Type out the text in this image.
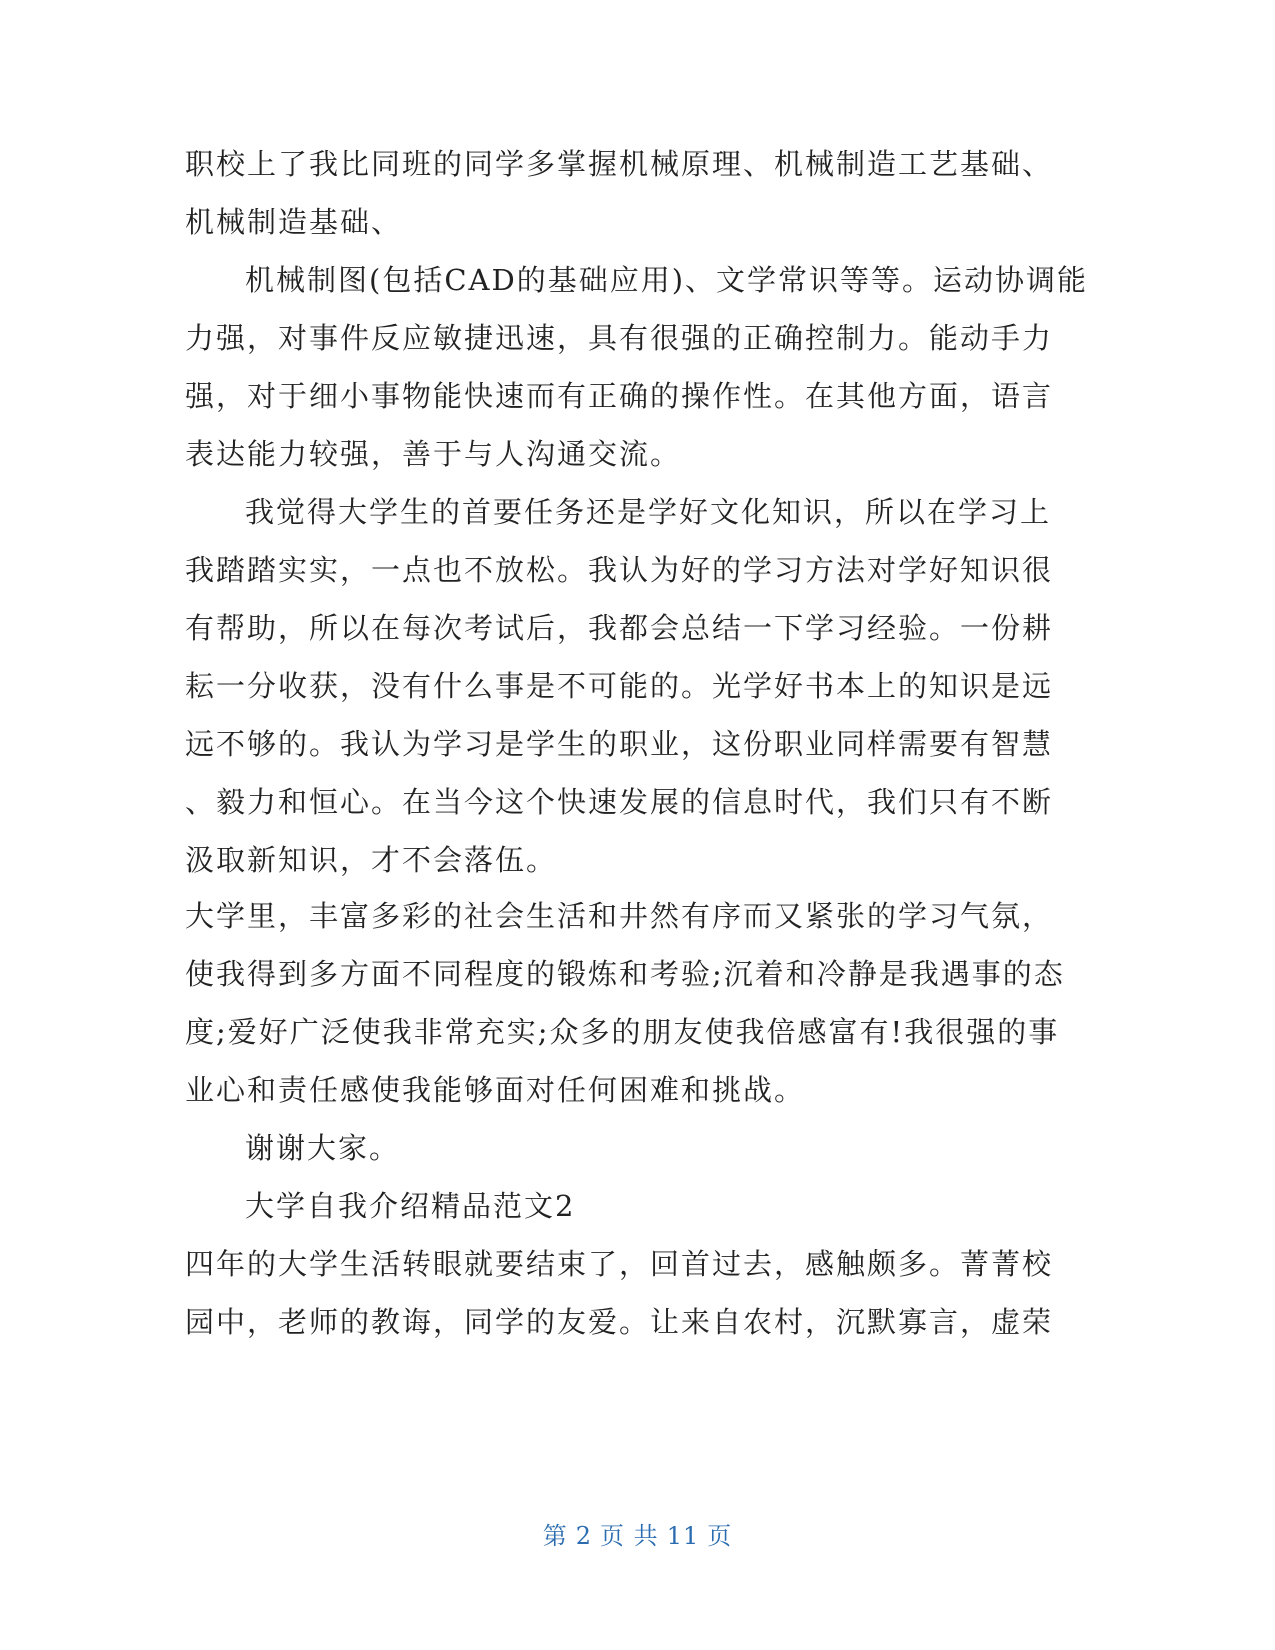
职校上了我比同班的同学多掌握机械原理、机械制造工艺基础、
机械制造基础、
机械制图(包括CAD的基础应用)、文学常识等等。运动协调能
力强，对事件反应敏捷迅速，具有很强的正确控制力。能动手力
强，对于细小事物能快速而有正确的操作性。在其他方面，语言
表达能力较强，善于与人沟通交流。
我觉得大学生的首要任务还是学好文化知识，所以在学习上
我踏踏实实，一点也不放松。我认为好的学习方法对学好知识很
有帮助，所以在每次考试后，我都会总结一下学习经验。一份耕
耘一分收获，没有什么事是不可能的。光学好书本上的知识是远
远不够的。我认为学习是学生的职业，这份职业同样需要有智慧
、毅力和恒心。在当今这个快速发展的信息时代，我们只有不断
汲取新知识，才不会落伍。
大学里，丰富多彩的社会生活和井然有序而又紧张的学习气氛，
使我得到多方面不同程度的锻炼和考验;沉着和冷静是我遇事的态
度;爱好广泛使我非常充实;众多的朋友使我倍感富有!我很强的事
业心和责任感使我能够面对任何困难和挑战。
谢谢大家。
大学自我介绍精品范文2
四年的大学生活转眼就要结束了，回首过去，感触颇多。菁菁校
园中，老师的教诲，同学的友爱。让来自农村，沉默寡言，虚荣
第 2 页 共 11 页
